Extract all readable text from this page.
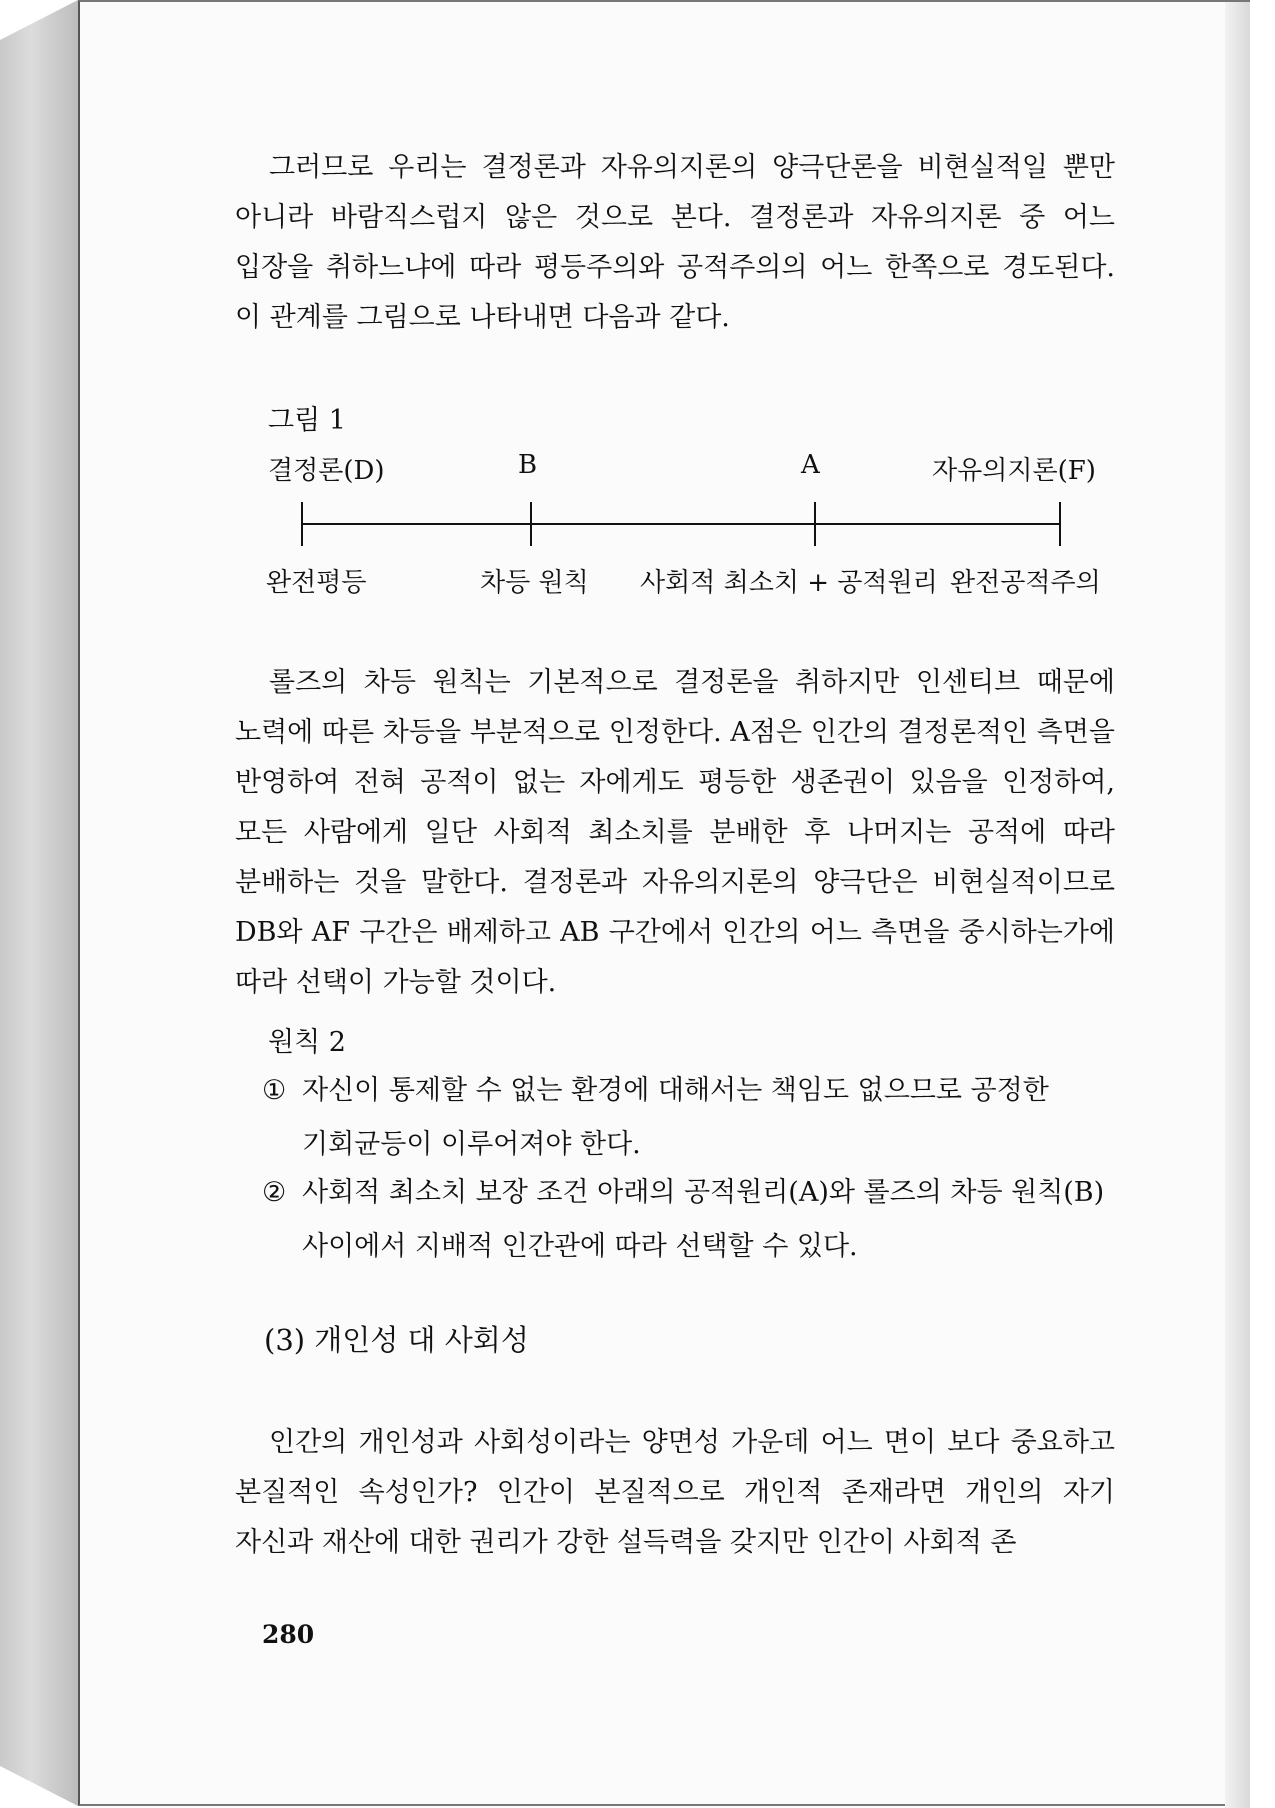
그러므로 우리는 결정론과 자유의지론의 양극단론을 비현실적일 뿐만 아니라 바람직스럽지 않은 것으로 본다. 결정론과 자유의지론 중 어느 입장을 취하느냐에 따라 평등주의와 공적주의의 어느 한쪽으로 경도된다. 이 관계를 그림으로 나타내면 다음과 같다.
그림 1
결정론(D)	B	A	자유의지론(F)
완전평등	차등 원칙 사회적 최소치 + 공적원리 완전공적주의
롤즈의 차등 원칙는 기본적으로 결정론을 취하지만 인센티브 때문에 노력에 따른 차등을 부분적으로 인정한다. A점은 인간의 결정론적인 측면을 반영하여 전혀 공적이 없는 자에게도 평등한 생존권이 있음을 인정하여, 모든 사람에게 일단 사회적 최소치를 분배한 후 나머지는 공적에 따라 분배하는 것을 말한다. 결정론과 자유의지론의 양극단은 비현실적이므로 DB와 AF 구간은 배제하고 AB 구간에서 인간의 어느 측면을 중시하는가에 따라 선택이 가능할 것이다.
원칙 2
① 자신이 통제할 수 없는 환경에 대해서는 책임도 없으므로 공정한 기회균등이 이루어져야 한다.
② 사회적 최소치 보장 조건 아래의 공적원리(A)와 롤즈의 차등 원칙(B) 사이에서 지배적 인간관에 따라 선택할 수 있다.
(3) 개인성 대 사회성
인간의 개인성과 사회성이라는 양면성 가운데 어느 면이 보다 중요하고 본질적인 속성인가? 인간이 본질적으로 개인적 존재라면 개인의 자기 자신과 재산에 대한 권리가 강한 설득력을 갖지만 인간이 사회적 존
280
